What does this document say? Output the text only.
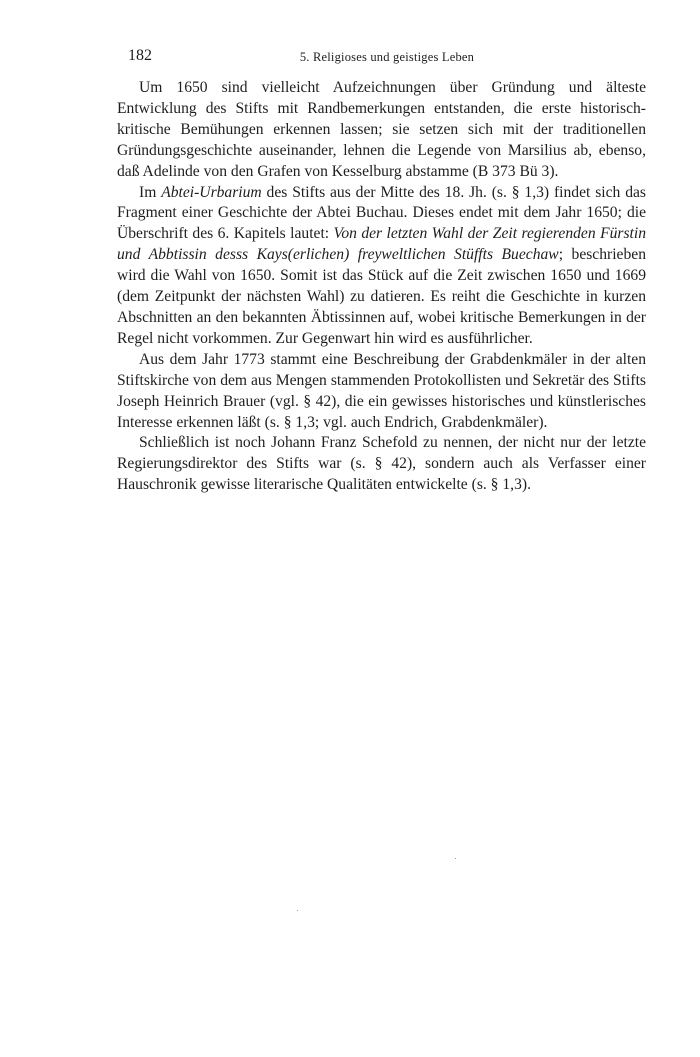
182	5. Religioses und geistiges Leben

Um 1650 sind vielleicht Aufzeichnungen über Gründung und älteste Entwicklung des Stifts mit Randbemerkungen entstanden, die erste historisch-kritische Bemühungen erkennen lassen; sie setzen sich mit der traditionellen Gründungsgeschichte auseinander, lehnen die Legende von Marsilius ab, ebenso, daß Adelinde von den Grafen von Kesselburg abstamme (B 373 Bü 3).

Im Abtei-Urbarium des Stifts aus der Mitte des 18. Jh. (s. § 1,3) findet sich das Fragment einer Geschichte der Abtei Buchau. Dieses endet mit dem Jahr 1650; die Überschrift des 6. Kapitels lautet: Von der letzten Wahl der Zeit regierenden Fürstin und Abbtissin desss Kays(erlichen) freyweltlichen Stüffts Buechaw; beschrieben wird die Wahl von 1650. Somit ist das Stück auf die Zeit zwischen 1650 und 1669 (dem Zeitpunkt der nächsten Wahl) zu datieren. Es reiht die Geschichte in kurzen Abschnitten an den bekannten Äbtissinnen auf, wobei kritische Bemerkungen in der Regel nicht vorkommen. Zur Gegenwart hin wird es ausführlicher.

Aus dem Jahr 1773 stammt eine Beschreibung der Grabdenkmäler in der alten Stiftskirche von dem aus Mengen stammenden Protokollisten und Sekretär des Stifts Joseph Heinrich Brauer (vgl. § 42), die ein gewisses historisches und künstlerisches Interesse erkennen läßt (s. § 1,3; vgl. auch Endrich, Grabdenkmäler).

Schließlich ist noch Johann Franz Schefold zu nennen, der nicht nur der letzte Regierungsdirektor des Stifts war (s. § 42), sondern auch als Verfasser einer Hauschronik gewisse literarische Qualitäten entwickelte (s. § 1,3).
